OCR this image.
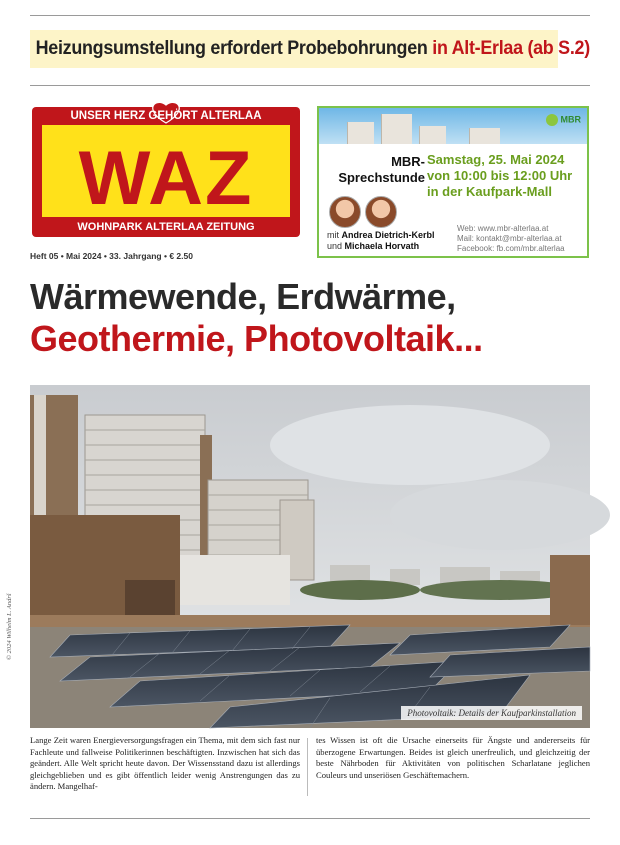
Heizungsumstellung erfordert Probebohrungen in Alt-Erlaa (ab S.2)
UNSER HERZ GEHÖRT ALTERLAA
WAZ
WOHNPARK ALTERLAA ZEITUNG
MBR
MBR-
Sprechstunde
Samstag, 25. Mai 2024
von 10:00 bis 12:00 Uhr
in der Kaufpark-Mall
mit Andrea Dietrich-Kerbl
und Michaela Horvath
Web: www.mbr-alterlaa.at
Mail: kontakt@mbr-alterlaa.at
Facebook: fb.com/mbr.alterlaa
Heft 05 • Mai 2024 • 33. Jahrgang • € 2.50
Wärmewende, Erdwärme,
Geothermie, Photovoltaik...
Photovoltaik: Details der Kaufparkinstallation
© 2024 Wilhelm L. Andrš
Lange Zeit waren Energieversorgungsfragen ein Thema, mit dem sich fast nur Fachleute und fallweise Politikerinnen beschäftigten. Inzwischen hat sich das geändert. Alle Welt spricht heute davon. Der Wissensstand dazu ist allerdings gleichgeblieben und es gibt öffentlich leider wenig Anstrengungen das zu ändern. Mangelhaf-
tes Wissen ist oft die Ursache einerseits für Ängste und andererseits für überzogene Erwartungen. Beides ist gleich unerfreulich, und gleichzeitig der beste Nährboden für Aktivitäten von politischen Scharlatane jeglichen Couleurs und unseriösen Geschäftemachern.
